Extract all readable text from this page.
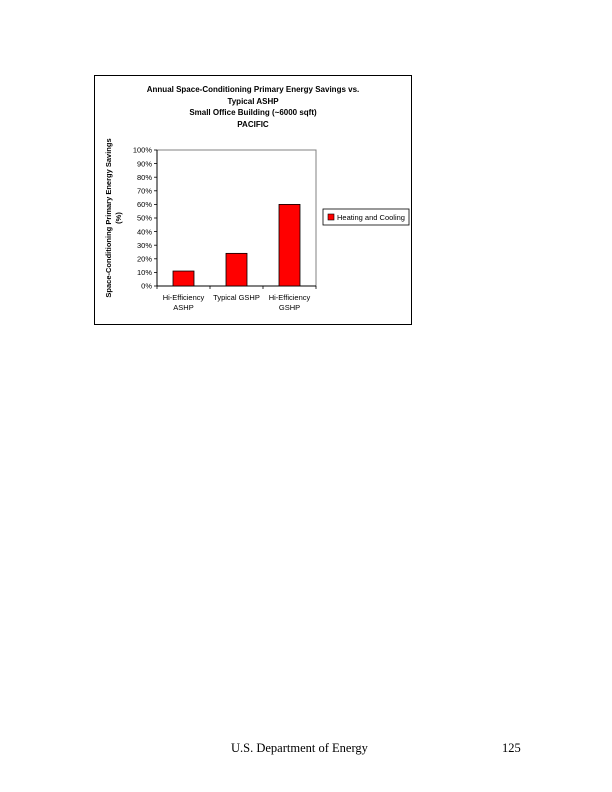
Annual Space-Conditioning Primary Energy Savings vs.
Typical ASHP
Small Office Building (~6000 sqft)
PACIFIC
0%
10%
20%
30%
40%
50%
60%
70%
80%
90%
100%
Hi-Efficiency
ASHP
Typical GSHP Hi-Efficiency
GSHP
Space-Conditioning Primary Energy Savings (%)	Heating and Cooling
U.S. Department of Energy	125
